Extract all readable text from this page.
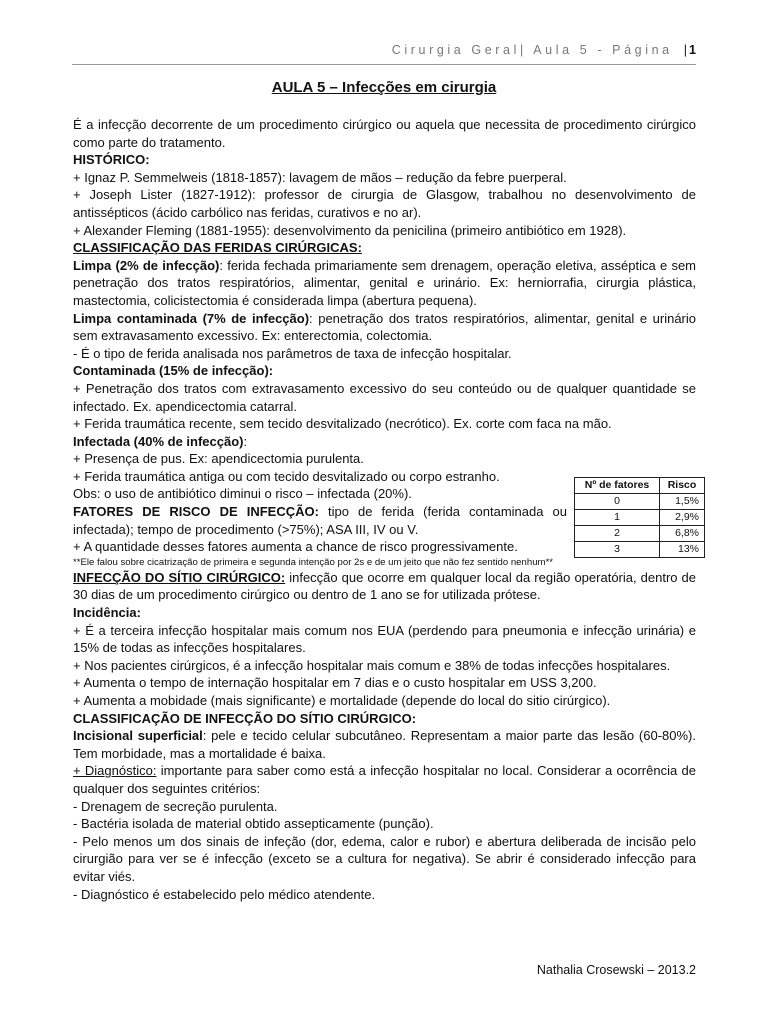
Cirurgia Geral| Aula 5 - Página | 1
AULA 5 – Infecções em cirurgia

É a infecção decorrente de um procedimento cirúrgico ou aquela que necessita de procedimento cirúrgico como parte do tratamento.

HISTÓRICO:

+ Ignaz P. Semmelweis (1818-1857): lavagem de mãos – redução da febre puerperal.

+ Joseph Lister (1827-1912): professor de cirurgia de Glasgow, trabalhou no desenvolvimento de antissépticos (ácido carbólico nas feridas, curativos e no ar).

+ Alexander Fleming (1881-1955): desenvolvimento da penicilina (primeiro antibiótico em 1928).

CLASSIFICAÇÃO DAS FERIDAS CIRÚRGICAS:

Limpa (2% de infecção): ferida fechada primariamente sem drenagem, operação eletiva, asséptica e sem penetração dos tratos respiratórios, alimentar, genital e urinário. Ex: herniorrafia, cirurgia plástica, mastectomia, colicistectomia é considerada limpa (abertura pequena).

Limpa contaminada (7% de infecção): penetração dos tratos respiratórios, alimentar, genital e urinário sem extravasamento excessivo. Ex: enterectomia, colectomia.

- É o tipo de ferida analisada nos parâmetros de taxa de infecção hospitalar.

Contaminada (15% de infecção):

+ Penetração dos tratos com extravasamento excessivo do seu conteúdo ou de qualquer quantidade se infectado. Ex. apendicectomia catarral.

+ Ferida traumática recente, sem tecido desvitalizado (necrótico). Ex. corte com faca na mão.

Infectada (40% de infecção):

+ Presença de pus. Ex: apendicectomia purulenta.

+ Ferida traumática antiga ou com tecido desvitalizado ou corpo estranho.

Obs: o uso de antibiótico diminui o risco – infectada (20%).

FATORES DE RISCO DE INFECÇÃO: tipo de ferida (ferida contaminada ou infectada); tempo de procedimento (>75%); ASA III, IV ou V.

+ A quantidade desses fatores aumenta a chance de risco progressivamente.

**Ele falou sobre cicatrização de primeira e segunda intenção por 2s e de um jeito que não fez sentido nenhum**

INFECÇÃO DO SÍTIO CIRÚRGICO: infecção que ocorre em qualquer local da região operatória, dentro de 30 dias de um procedimento cirúrgico ou dentro de 1 ano se for utilizada prótese.

Incidência:

+ É a terceira infecção hospitalar mais comum nos EUA (perdendo para pneumonia e infecção urinária) e 15% de todas as infecções hospitalares.

+ Nos pacientes cirúrgicos, é a infecção hospitalar mais comum e 38% de todas infecções hospitalares.

+ Aumenta o tempo de internação hospitalar em 7 dias e o custo hospitalar em USS 3,200.

+ Aumenta a mobidade (mais significante) e mortalidade (depende do local do sitio cirúrgico).

CLASSIFICAÇÃO DE INFECÇÃO DO SÍTIO CIRÚRGICO:

Incisional superficial: pele e tecido celular subcutâneo. Representam a maior parte das lesão (60-80%). Tem morbidade, mas a mortalidade é baixa.

+ Diagnóstico: importante para saber como está a infecção hospitalar no local. Considerar a ocorrência de qualquer dos seguintes critérios:

- Drenagem de secreção purulenta.

- Bactéria isolada de material obtido assepticamente (punção).

- Pelo menos um dos sinais de infeção (dor, edema, calor e rubor) e abertura deliberada de incisão pelo cirurgião para ver se é infecção (exceto se a cultura for negativa). Se abrir é considerado infecção para evitar viés.

- Diagnóstico é estabelecido pelo médico atendente.

Nº de fatores	Risco
0	1,5%
1	2,9%
2	6,8%
3	13%
Nathalia Crosewski – 2013.2
